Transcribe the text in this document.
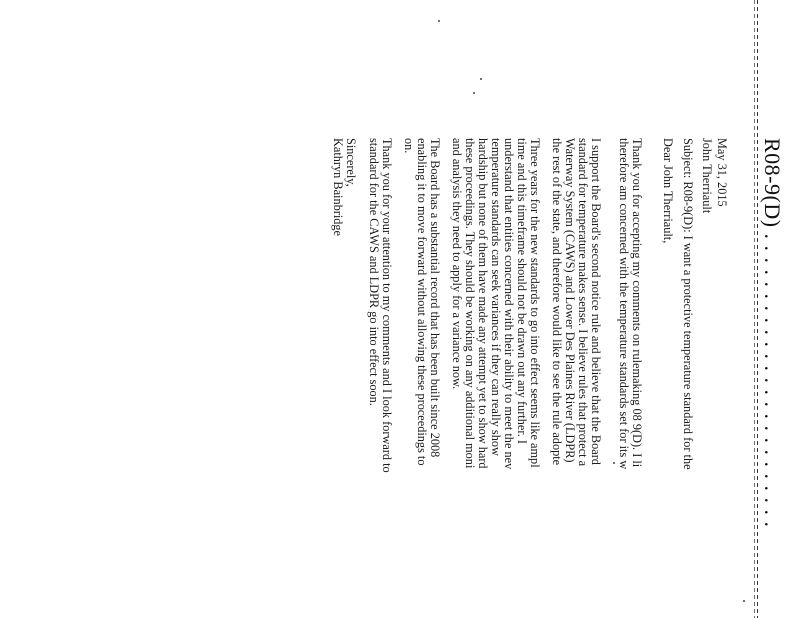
R08-9(D) . . . . . . . . . . . . . . . . . . . . . . . . .
May 31, 2015
John Therriault
Subject: R08-9(D): I want a protective temperature standard for the
Dear John Therriault,
Thank you for accepting my comments on rulemaking 08 9(D). I li
therefore am concerned with the temperature standards set for its w
I support the Board's second notice rule and believe that the Board
standard for temperature makes sense. I believe rules that protect a
Waterway System (CAWS) and Lower Des Plaines River (LDPR)
the rest of the state, and therefore would like to see the rule adopte
Three years for the new standards to go into effect seems like ampl
time and this timeframe should not be drawn out any further. I
understand that entities concerned with their ability to meet the nev
temperature standards can seek variances if they can really show
hardship but none of them have made any attempt yet to show hard
these proceedings. They should be working on any additional moni
and analysis they need to apply for a variance now.
The Board has a substantial record that has been built since 2008
enabling it to move forward without allowing these proceedings to
on.
Thank you for your attention to my comments and I look forward to
standard for the CAWS and LDPR go into effect soon.
Sincerely,
Kathryn Bainbridge
